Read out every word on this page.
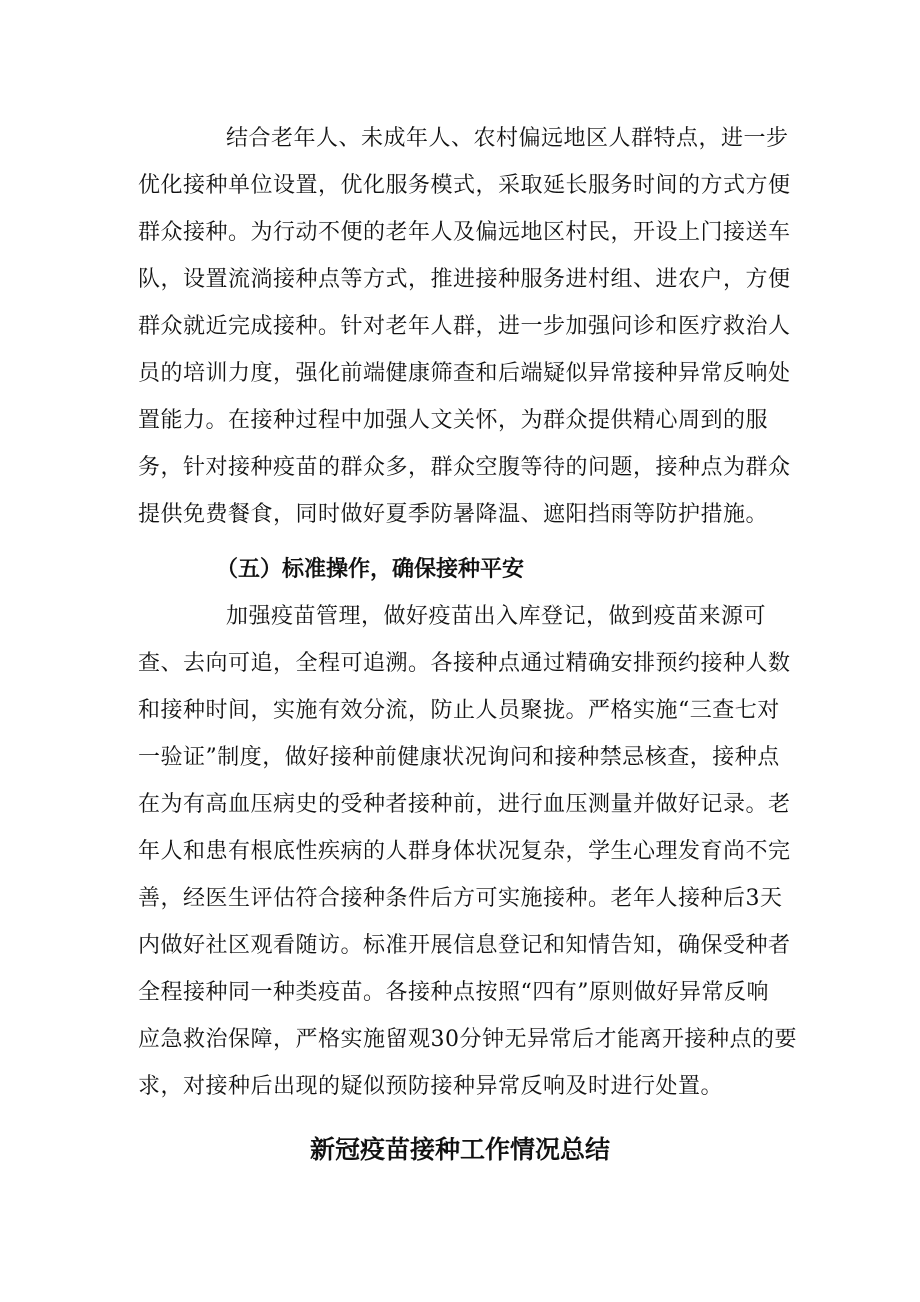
结合老年人、未成年人、农村偏远地区人群特点，进一步
优化接种单位设置，优化服务模式，采取延长服务时间的方式方便
群众接种。为行动不便的老年人及偏远地区村民，开设上门接送车
队，设置流淌接种点等方式，推进接种服务进村组、进农户，方便
群众就近完成接种。针对老年人群，进一步加强问诊和医疗救治人
员的培训力度，强化前端健康筛查和后端疑似异常接种异常反响处
置能力。在接种过程中加强人文关怀，为群众提供精心周到的服
务，针对接种疫苗的群众多，群众空腹等待的问题，接种点为群众
提供免费餐食，同时做好夏季防暑降温、遮阳挡雨等防护措施。
（五）标准操作，确保接种平安
加强疫苗管理，做好疫苗出入库登记，做到疫苗来源可
查、去向可追，全程可追溯。各接种点通过精确安排预约接种人数
和接种时间，实施有效分流，防止人员聚拢。严格实施“三查七对
一验证”制度，做好接种前健康状况询问和接种禁忌核查，接种点
在为有高血压病史的受种者接种前，进行血压测量并做好记录。老
年人和患有根底性疾病的人群身体状况复杂，学生心理发育尚不完
善，经医生评估符合接种条件后方可实施接种。老年人接种后3天
内做好社区观看随访。标准开展信息登记和知情告知，确保受种者
全程接种同一种类疫苗。各接种点按照“四有”原则做好异常反响
应急救治保障，严格实施留观30分钟无异常后才能离开接种点的要
求，对接种后出现的疑似预防接种异常反响及时进行处置。
新冠疫苗接种工作情况总结
